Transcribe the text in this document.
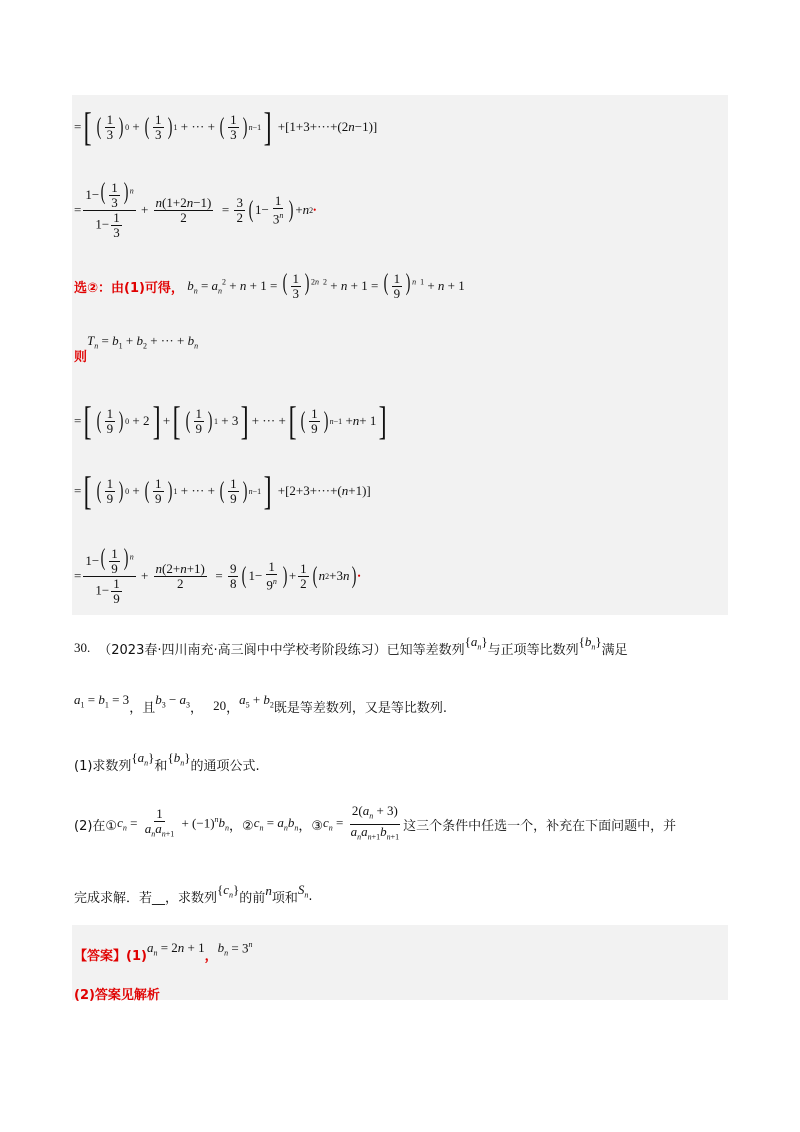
= [ ( $\frac{1}{3}$ ) 0 + ( $\frac{1}{3}$ ) 1 + ··· + ( $\frac{1}{3}$ ) n−1 ] +[1+3+···+(2 n −1)]
= $\frac{1-( \frac{1}{3} ) ^n}{1- \frac{1}{3}} + \frac{n(1+2n-1)}{2} = \frac{3}{2}$ ( $1- \frac{1}{3^n}$ ) + n 2 •
选②：由(1)可得， $b_n = a_n^2 + n + 1$ = ( $\frac{1}{3}$ ) $^{2n 2}$ + n + 1 = ( $\frac{1}{9}$ ) $^{n 1}$ + n + 1
则
$T_n = b_1 + b_2$ + ··· + $b_n$
= [ ( $\frac{1}{9}$ ) 0 + 2 ] + [ ( $\frac{1}{9}$ ) 1 + 3 ] + ··· + [ ( $\frac{1}{9}$ ) n−1 + n + 1 ]
= [ ( $\frac{1}{9}$ ) 0 + ( $\frac{1}{9}$ ) 1 + ··· + ( $\frac{1}{9}$ ) n−1 ] +[2+3+···+( n +1)]
= $\frac{1-( \frac{1}{9} ) ^n}{1- \frac{1}{9}} + \frac{n(2+n+1)}{2} = \frac{9}{8}$ ( $1- \frac{1}{9^n}$ ) + $\frac{1}{2}$ ( n 2 +3 n ) •
30. （2023春·四川南充·高三阆中中学校考阶段练习）已知等差数列
$\{a_n\}$
与正项等比数列
$\{b_n\}$
满足
$a_1 = b_1 = 3$
，且
$b_3 - a_3$ ， 20 ，
$a_5 + b_2$ 既是等差数列，又是等比数列.
(1)求数列
$\{a_n\}$
和
$\{b_n\}$
的通项公式.
(2)在① $c_n = \frac{1}{a_na_{n+1}} + (-1)^nb_n$ ，② $c_n = a_nb_n$ ，③ $c_n = \frac{2(a_n + 3)}{a_na_{n+1}b_{n+1}}$ 这三个条件中任选一个，补充在下面问题中，并
完成求解．若__，求数列
$\{c_n\}$
的前 n 项和
$S_n$ .
【答案】(1)
$a_n = 2n + 1$
，
$b_n = 3^n$
(2)答案见解析
